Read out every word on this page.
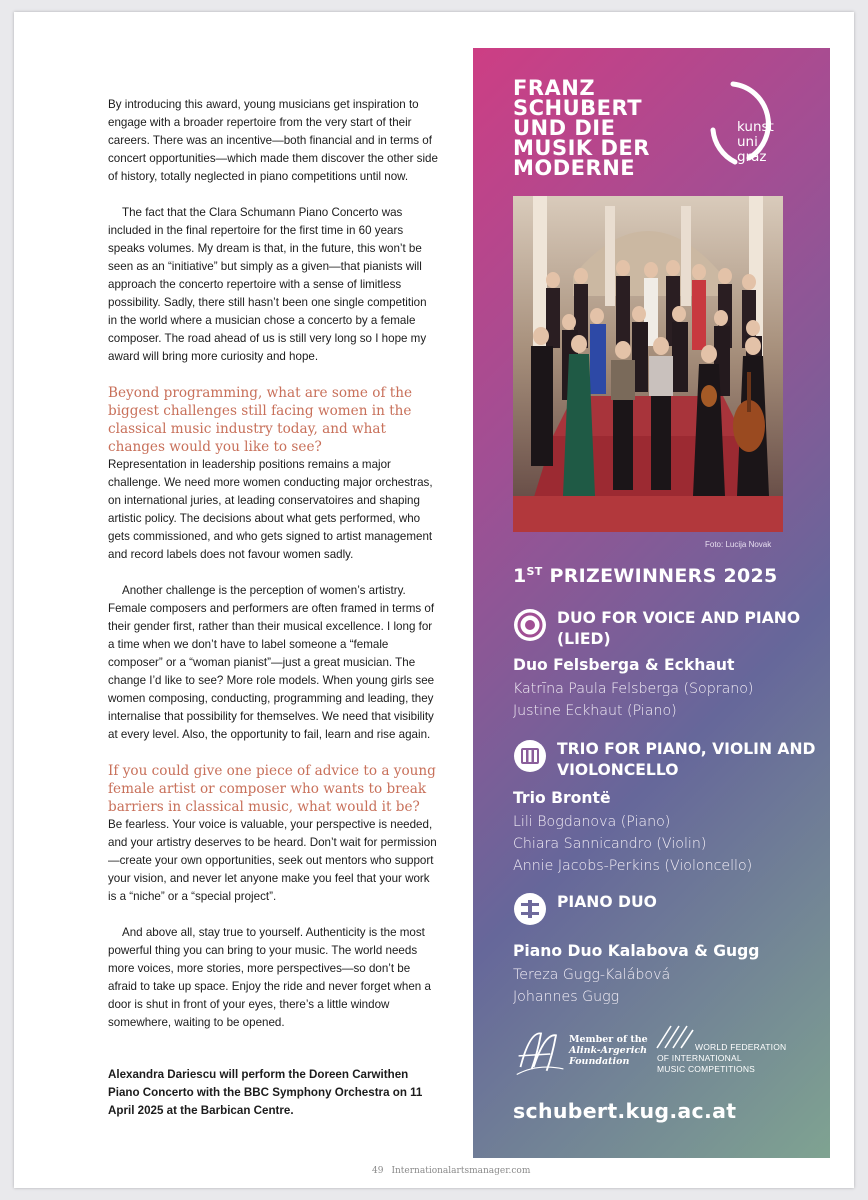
By introducing this award, young musicians get inspiration to engage with a broader repertoire from the very start of their careers. There was an incentive—both financial and in terms of concert opportunities—which made them discover the other side of history, totally neglected in piano competitions until now.

The fact that the Clara Schumann Piano Concerto was included in the final repertoire for the first time in 60 years speaks volumes. My dream is that, in the future, this won’t be seen as an “initiative” but simply as a given—that pianists will approach the concerto repertoire with a sense of limitless possibility. Sadly, there still hasn’t been one single competition in the world where a musician chose a concerto by a female composer. The road ahead of us is still very long so I hope my award will bring more curiosity and hope.

Beyond programming, what are some of the biggest challenges still facing women in the classical music industry today, and what changes would you like to see?

Representation in leadership positions remains a major challenge. We need more women conducting major orchestras, on international juries, at leading conservatoires and shaping artistic policy. The decisions about what gets performed, who gets commissioned, and who gets signed to artist management and record labels does not favour women sadly.

Another challenge is the perception of women’s artistry. Female composers and performers are often framed in terms of their gender first, rather than their musical excellence. I long for a time when we don’t have to label someone a “female composer” or a “woman pianist”—just a great musician. The change I’d like to see? More role models. When young girls see women composing, conducting, programming and leading, they internalise that possibility for themselves. We need that visibility at every level. Also, the opportunity to fail, learn and rise again.

If you could give one piece of advice to a young female artist or composer who wants to break barriers in classical music, what would it be?

Be fearless. Your voice is valuable, your perspective is needed, and your artistry deserves to be heard. Don’t wait for permission—create your own opportunities, seek out mentors who support your vision, and never let anyone make you feel that your work is a “niche” or a “special project”.

And above all, stay true to yourself. Authenticity is the most powerful thing you can bring to your music. The world needs more voices, more stories, more perspectives—so don’t be afraid to take up space. Enjoy the ride and never forget when a door is shut in front of your eyes, there’s a little window somewhere, waiting to be opened.

Alexandra Dariescu will perform the Doreen Carwithen Piano Concerto with the BBC Symphony Orchestra on 11 April 2025 at the Barbican Centre.

49 Internationalartsmanager.com
FRANZ
SCHUBERT
UND DIE
MUSIK DER
MODERNE
kunst
uni
graz
Foto: Lucija Novak
1ST PRIZEWINNERS 2025
DUO FOR VOICE AND PIANO (LIED)
Duo Felsberga & Eckhaut
Katrīna Paula Felsberga (Soprano)
Justine Eckhaut (Piano)
TRIO FOR PIANO, VIOLIN AND VIOLONCELLO
Trio Brontë
Lili Bogdanova (Piano)
Chiara Sannicandro (Violin)
Annie Jacobs-Perkins (Violoncello)
PIANO DUO
Piano Duo Kalabova & Gugg
Tereza Gugg-Kalábová
Johannes Gugg
Member of the
Alink-Argerich
Foundation
WORLD FEDERATION
OF INTERNATIONAL
MUSIC COMPETITIONS
schubert.kug.ac.at
